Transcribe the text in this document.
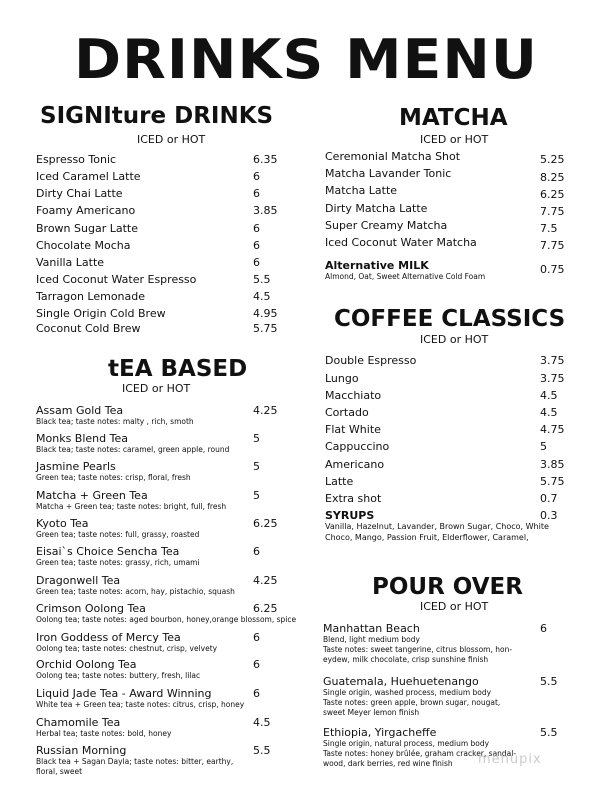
DRINKS MENU
SIGNIture DRINKS
ICED or HOT
tEA BASED
ICED or HOT
MATCHA
ICED or HOT
COFFEE CLASSICS
ICED or HOT
POUR OVER
ICED or HOT
Espresso Tonic	6.35
Iced Caramel Latte	6
Dirty Chai Latte	6
Foamy Americano	3.85
Brown Sugar Latte	6
Chocolate Mocha	6
Vanilla Latte	6
Iced Coconut Water Espresso	5.5
Tarragon Lemonade	4.5
Single Origin Cold Brew	4.95
Coconut Cold Brew	5.75
Assam Gold Tea	4.25
Black tea; taste notes: malty , rich, smoth
Monks Blend Tea	5
Black tea; taste notes: caramel, green apple, round
Jasmine Pearls	5
Green tea; taste notes: crisp, floral, fresh
Matcha + Green Tea	5
Matcha + Green tea; taste notes: bright, full, fresh
Kyoto Tea	6.25
Green tea; taste notes: full, grassy, roasted
Eisai`s Choice Sencha Tea	6
Green tea; taste notes: grassy, rich, umami
Dragonwell Tea	4.25
Green tea; taste notes: acorn, hay, pistachio, squash
Crimson Oolong Tea	6.25
Oolong tea; taste notes: aged bourbon, honey,orange blossom, spice
Iron Goddess of Mercy Tea	6
Oolong tea; taste notes: chestnut, crisp, velvety
Orchid Oolong Tea	6
Oolong tea; taste notes: buttery, fresh, lilac
Liquid Jade Tea - Award Winning	6
White tea + Green tea; taste notes: citrus, crisp, honey
Chamomile Tea	4.5
Herbal tea; taste notes: bold, honey
Russian Morning	5.5
Black tea + Sagan Dayla; taste notes: bitter, earthy,
floral, sweet
Ceremonial Matcha Shot	5.25
Matcha Lavander Tonic	8.25
Matcha Latte	6.25
Dirty Matcha Latte	7.75
Super Creamy Matcha	7.5
Iced Coconut Water Matcha	7.75
Alternative MILK	0.75
Almond, Oat, Sweet Alternative Cold Foam
Double Espresso	3.75
Lungo	3.75
Macchiato	4.5
Cortado	4.5
Flat White	4.75
Cappuccino	5
Americano	3.85
Latte	5.75
Extra shot	0.7
SYRUPS	0.3
Vanilla, Hazelnut, Lavander, Brown Sugar, Choco, White
Choco, Mango, Passion Fruit, Elderflower, Caramel,
Manhattan Beach	6
Blend, light medium body
Taste notes: sweet tangerine, citrus blossom, hon-
eydew, milk chocolate, crisp sunshine finish
Guatemala, Huehuetenango	5.5
Single origin, washed process, medium body
Taste notes: green apple, brown sugar, nougat,
sweet Meyer lemon finish
Ethiopia, Yirgacheffe	5.5
Single origin, natural process, medium body
Taste notes: honey brûlée, graham cracker, sandal-
wood, dark berries, red wine finish menupix
